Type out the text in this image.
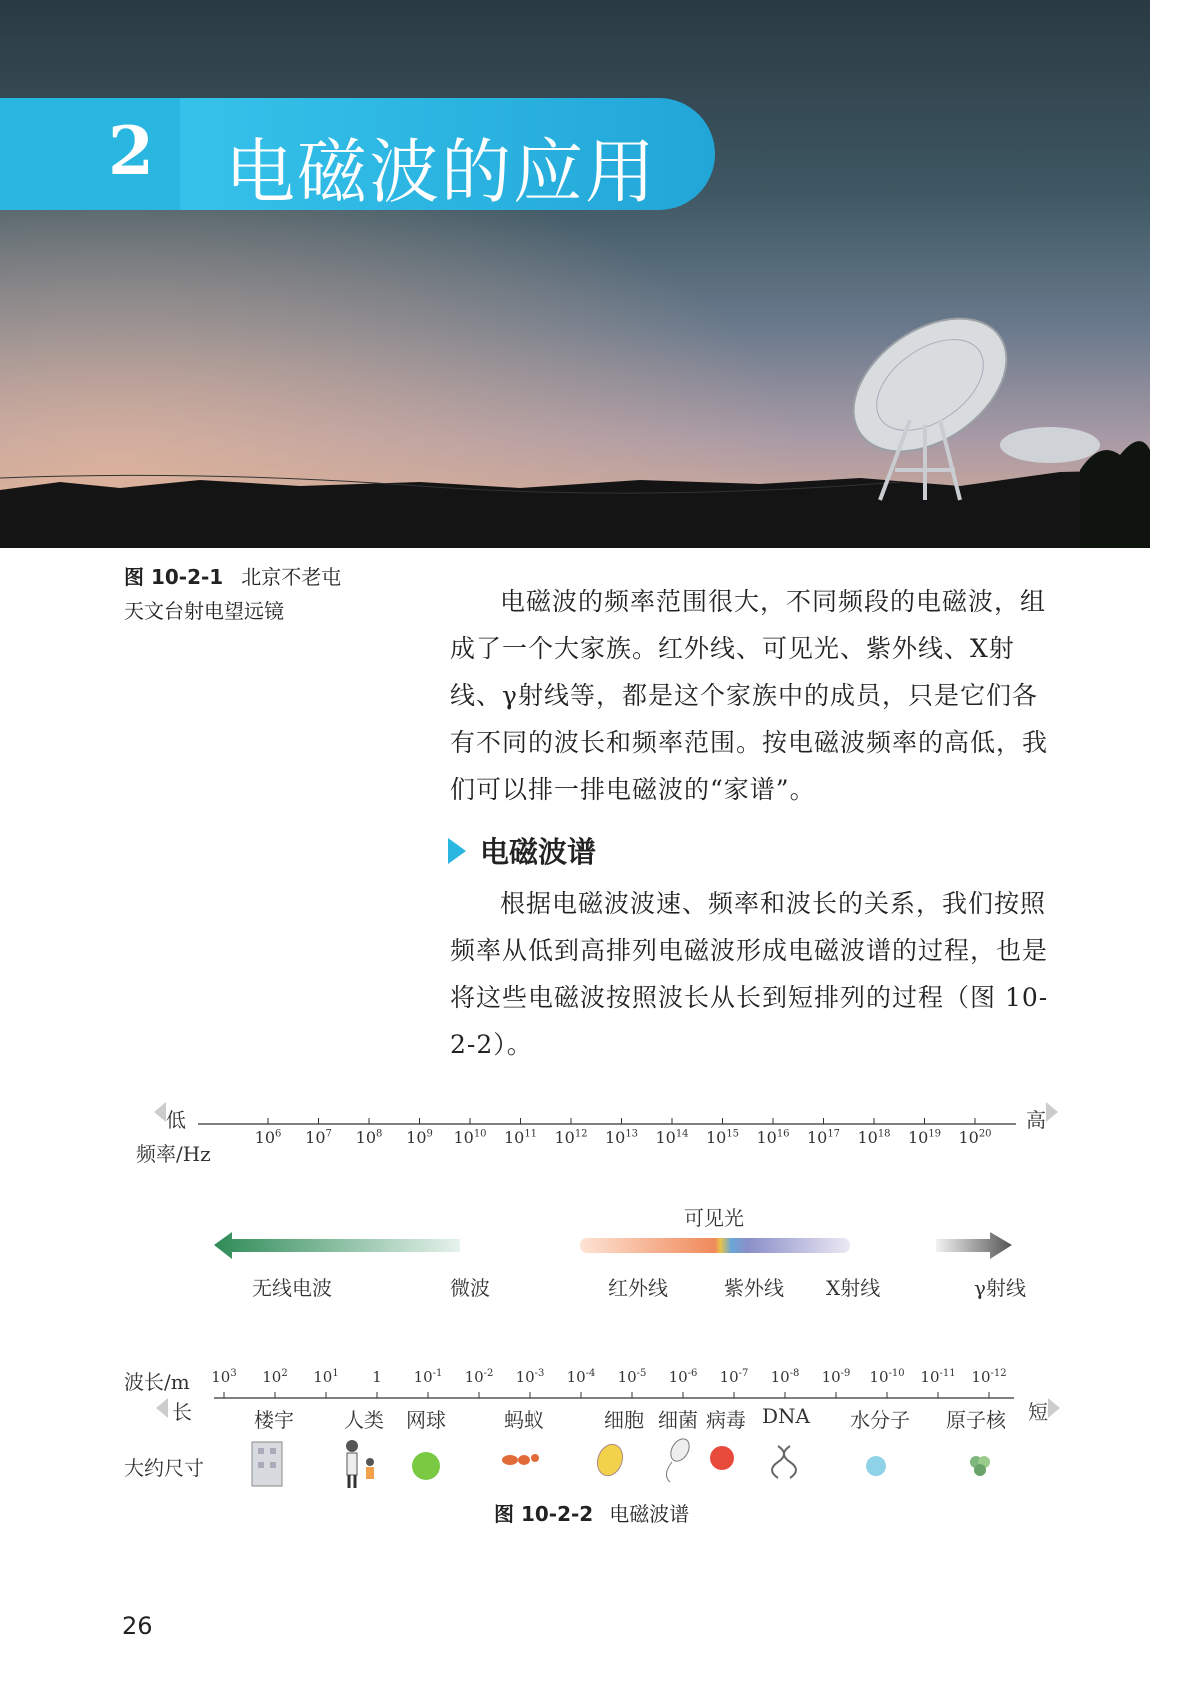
2 电磁波的应用
图 10-2-1 北京不老屯
天文台射电望远镜	电磁波的频率范围很大，不同频段的电磁波，组成了一个大家族。红外线、可见光、紫外线、X射线、γ射线等，都是这个家族中的成员，只是它们各有不同的波长和频率范围。按电磁波频率的高低，我们可以排一排电磁波的“家谱”。

电磁波谱

根据电磁波波速、频率和波长的关系，我们按照频率从低到高排列电磁波形成电磁波谱的过程，也是将这些电磁波按照波长从长到短排列的过程（图 10-2-2）。

低	高
频率/Hz
$10^6$ $10^7$ $10^8$ $10^9$ $10^{10}$ $10^{11}$ $10^{12}$ $10^{13}$ $10^{14}$ $10^{15}$ $10^{16}$ $10^{17}$ $10^{18}$ $10^{19}$ $10^{20}$
可见光
无线电波	微波	红外线	紫外线 X射线	γ射线
波长/m
长	短
$10^3$ $10^2$ $10^1$ 1 $10^{-1}$ $10^{-2}$ $10^{-3}$ $10^{-4}$ $10^{-5}$ $10^{-6}$ $10^{-7}$ $10^{-8}$ $10^{-9}$ $10^{-10}$ $10^{-11}$ $10^{-12}$
大约尺寸
楼宇	人类 网球	蚂蚁	细胞 细菌 病毒 DNA 水分子 原子核
图 10-2-2 电磁波谱
26
